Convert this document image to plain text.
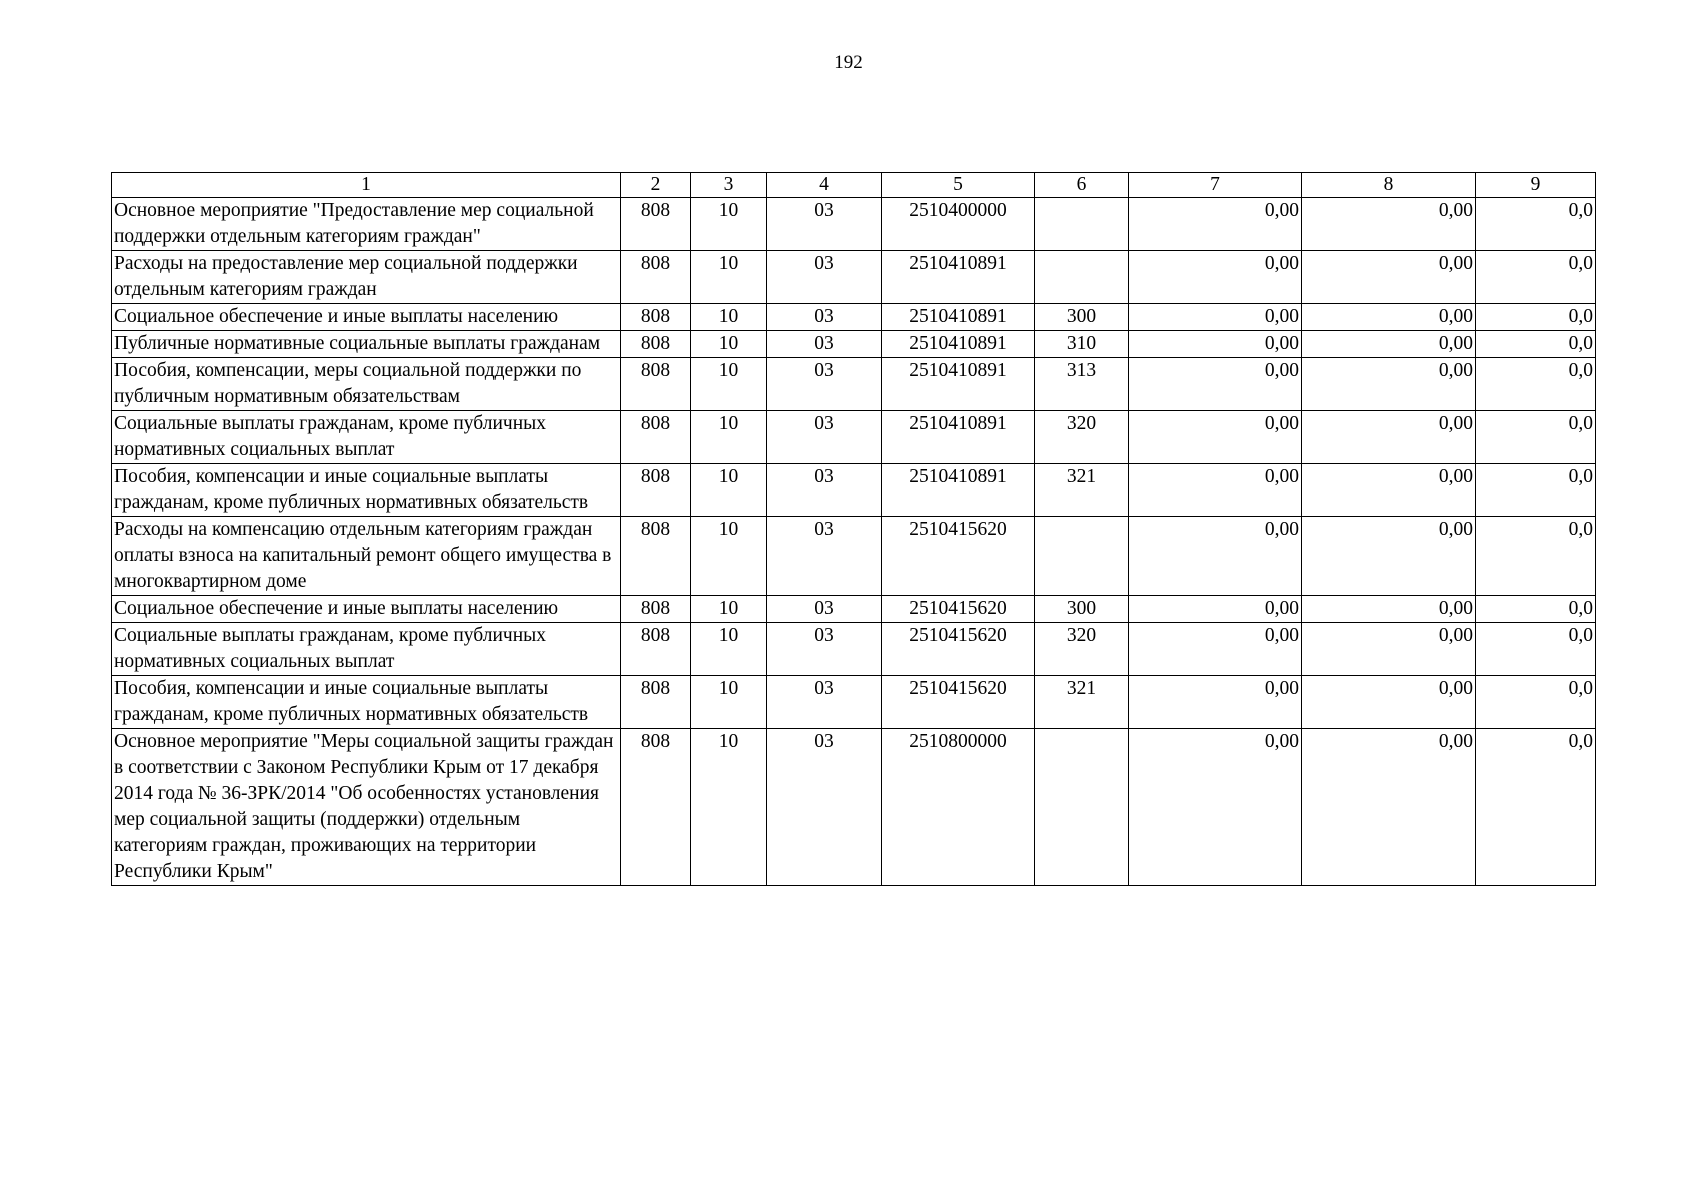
192
1	2	3	4	5	6	7	8	9
Основное мероприятие "Предоставление мер социальной поддержки отдельным категориям граждан"	808	10	03	2510400000		0,00	0,00	0,0
Расходы на предоставление мер социальной поддержки отдельным категориям граждан	808	10	03	2510410891		0,00	0,00	0,0
Социальное обеспечение и иные выплаты населению	808	10	03	2510410891	300	0,00	0,00	0,0
Публичные нормативные социальные выплаты гражданам	808	10	03	2510410891	310	0,00	0,00	0,0
Пособия, компенсации, меры социальной поддержки по публичным нормативным обязательствам	808	10	03	2510410891	313	0,00	0,00	0,0
Социальные выплаты гражданам, кроме публичных нормативных социальных выплат	808	10	03	2510410891	320	0,00	0,00	0,0
Пособия, компенсации и иные социальные выплаты гражданам, кроме публичных нормативных обязательств	808	10	03	2510410891	321	0,00	0,00	0,0
Расходы на компенсацию отдельным категориям граждан оплаты взноса на капитальный ремонт общего имущества в многоквартирном доме	808	10	03	2510415620		0,00	0,00	0,0
Социальное обеспечение и иные выплаты населению	808	10	03	2510415620	300	0,00	0,00	0,0
Социальные выплаты гражданам, кроме публичных нормативных социальных выплат	808	10	03	2510415620	320	0,00	0,00	0,0
Пособия, компенсации и иные социальные выплаты гражданам, кроме публичных нормативных обязательств	808	10	03	2510415620	321	0,00	0,00	0,0
Основное мероприятие "Меры социальной защиты граждан в соответствии с Законом Республики Крым от 17 декабря 2014 года № 36-ЗРК/2014 "Об особенностях установления мер социальной защиты (поддержки) отдельным категориям граждан, проживающих на территории Республики Крым"	808	10	03	2510800000		0,00	0,00	0,0
